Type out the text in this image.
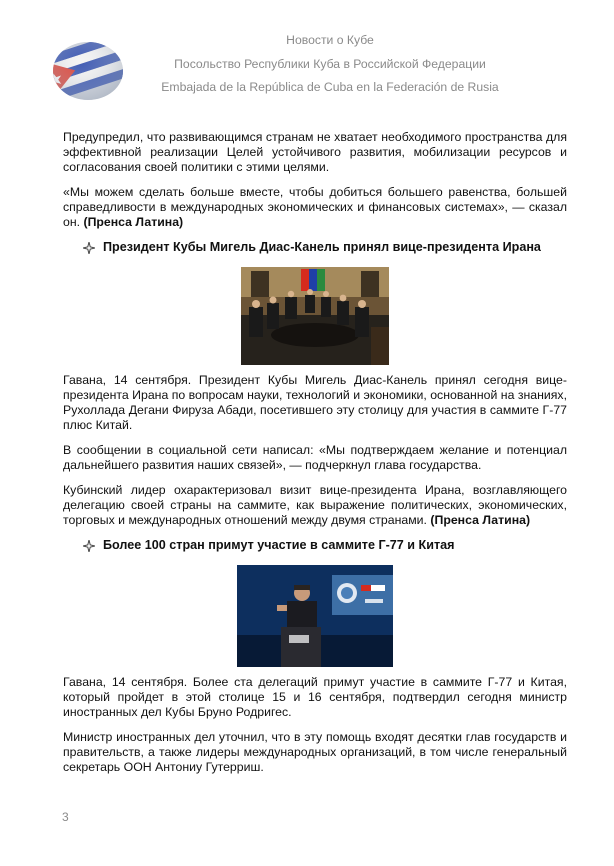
Новости о Кубе
Посольство Республики Куба в Российской Федерации
Embajada de la República de Cuba en la Federación de Rusia

Предупредил, что развивающимся странам не хватает необходимого пространства для эффективной реализации Целей устойчивого развития, мобилизации ресурсов и согласования своей политики с этими целями.

«Мы можем сделать больше вместе, чтобы добиться большего равенства, большей справедливости в международных экономических и финансовых системах», — сказал он. (Пренса Латина)

Президент Кубы Мигель Диас-Канель принял вице-президента Ирана

Гавана, 14 сентября. Президент Кубы Мигель Диас-Канель принял сегодня вице-президента Ирана по вопросам науки, технологий и экономики, основанной на знаниях, Рухоллада Дегани Фируза Абади, посетившего эту столицу для участия в саммите Г-77 плюс Китай.

В сообщении в социальной сети написал: «Мы подтверждаем желание и потенциал дальнейшего развития наших связей», — подчеркнул глава государства.

Кубинский лидер охарактеризовал визит вице-президента Ирана, возглавляющего делегацию своей страны на саммите, как выражение политических, экономических, торговых и международных отношений между двумя странами. (Пренса Латина)

Более 100 стран примут участие в саммите Г-77 и Китая

Гавана, 14 сентября. Более ста делегаций примут участие в саммите Г-77 и Китая, который пройдет в этой столице 15 и 16 сентября, подтвердил сегодня министр иностранных дел Кубы Бруно Родригес.

Министр иностранных дел уточнил, что в эту помощь входят десятки глав государств и правительств, а также лидеры международных организаций, в том числе генеральный секретарь ООН Антониу Гутерриш.

3
